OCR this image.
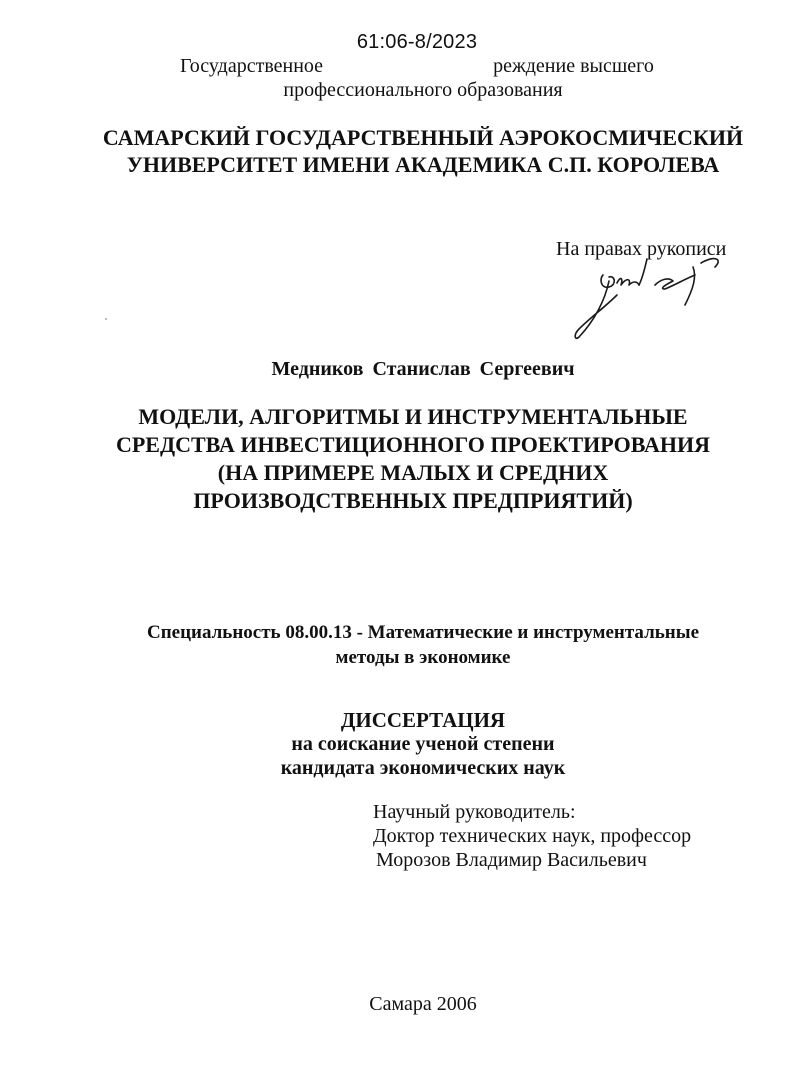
61:06-8/2023
Государственное	реждение высшего
профессионального образования
САМАРСКИЙ ГОСУДАРСТВЕННЫЙ АЭРОКОСМИЧЕСКИЙ
УНИВЕРСИТЕТ ИМЕНИ АКАДЕМИКА С.П. КОРОЛЕВА
На правах рукописи
Медников Станислав Сергеевич
МОДЕЛИ, АЛГОРИТМЫ И ИНСТРУМЕНТАЛЬНЫЕ
СРЕДСТВА ИНВЕСТИЦИОННОГО ПРОЕКТИРОВАНИЯ
(НА ПРИМЕРЕ МАЛЫХ И СРЕДНИХ
ПРОИЗВОДСТВЕННЫХ ПРЕДПРИЯТИЙ)
Специальность 08.00.13 - Математические и инструментальные
методы в экономике
ДИССЕРТАЦИЯ
на соискание ученой степени
кандидата экономических наук
Научный руководитель:
Доктор технических наук, профессор
Морозов Владимир Васильевич
Самара 2006
